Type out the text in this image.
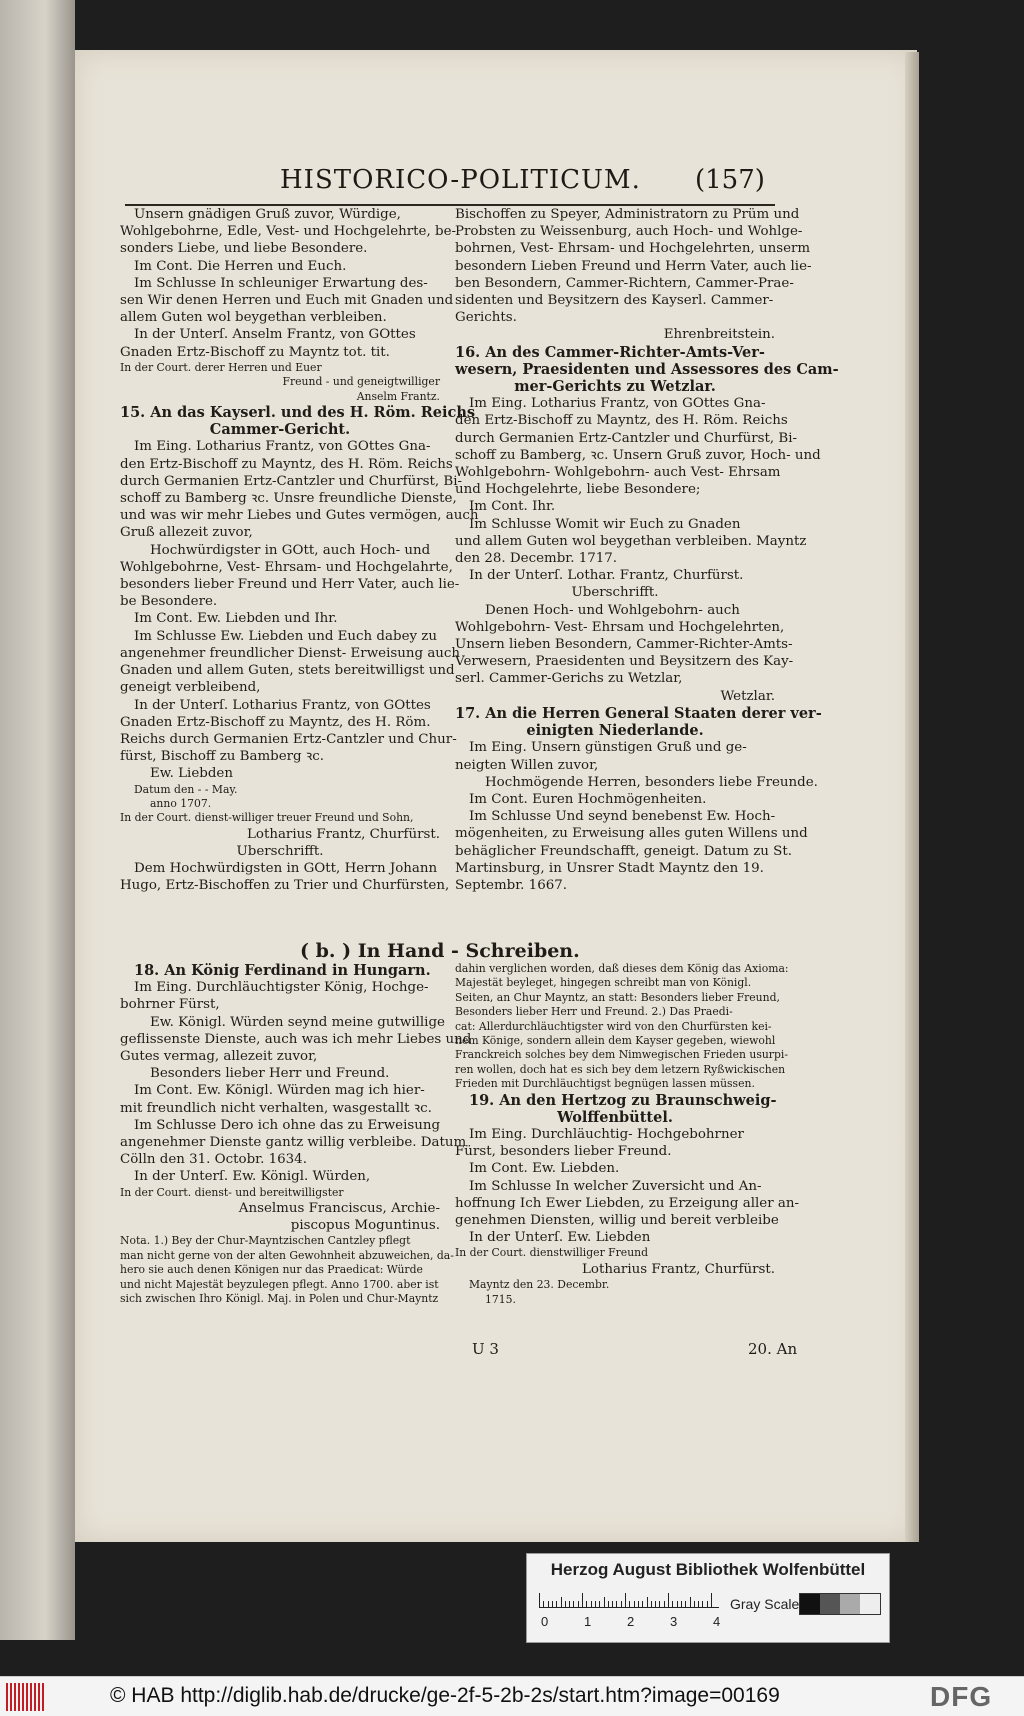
HISTORICO-POLITICUM. (157)

Unsern gnädigen Gruß zuvor, Würdige,

Wohlgebohrne, Edle, Vest- und Hochgelehrte, be-

sonders Liebe, und liebe Besondere.

Im Cont. Die Herren und Euch.

Im Schlusse In schleuniger Erwartung des-

sen Wir denen Herren und Euch mit Gnaden und

allem Guten wol beygethan verbleiben.

In der Unterſ. Anselm Frantz, von GOttes

Gnaden Ertz-Bischoff zu Mayntz tot. tit.

In der Court. derer Herren und Euer

Freund - und geneigtwilliger

Anselm Frantz.

15. An das Kayserl. und des H. Röm. Reichs

Cammer-Gericht.

Im Eing. Lotharius Frantz, von GOttes Gna-

den Ertz-Bischoff zu Mayntz, des H. Röm. Reichs

durch Germanien Ertz-Cantzler und Churfürst, Bi-

schoff zu Bamberg ꝛc. Unsre freundliche Dienste,

und was wir mehr Liebes und Gutes vermögen, auch

Gruß allezeit zuvor,

Hochwürdigster in GOtt, auch Hoch- und

Wohlgebohrne, Vest- Ehrsam- und Hochgelahrte,

besonders lieber Freund und Herr Vater, auch lie-

be Besondere.

Im Cont. Ew. Liebden und Ihr.

Im Schlusse Ew. Liebden und Euch dabey zu

angenehmer freundlicher Dienst- Erweisung auch

Gnaden und allem Guten, stets bereitwilligst und

geneigt verbleibend,

In der Unterſ. Lotharius Frantz, von GOttes

Gnaden Ertz-Bischoff zu Mayntz, des H. Röm.

Reichs durch Germanien Ertz-Cantzler und Chur-

fürst, Bischoff zu Bamberg ꝛc.

Ew. Liebden

Datum den - - May.

anno 1707.

In der Court. dienst-williger treuer Freund und Sohn,

Lotharius Frantz, Churfürst.

Uberschrifft.

Dem Hochwürdigsten in GOtt, Herrn Johann

Hugo, Ertz-Bischoffen zu Trier und Churfürsten,

Bischoffen zu Speyer, Administratorn zu Prüm und

Probsten zu Weissenburg, auch Hoch- und Wohlge-

bohrnen, Vest- Ehrsam- und Hochgelehrten, unserm

besondern Lieben Freund und Herrn Vater, auch lie-

ben Besondern, Cammer-Richtern, Cammer-Prae-

sidenten und Beysitzern des Kayserl. Cammer-

Gerichts.

Ehrenbreitstein.

16. An des Cammer-Richter-Amts-Ver-

wesern, Praesidenten und Assessores des Cam-

mer-Gerichts zu Wetzlar.

Im Eing. Lotharius Frantz, von GOttes Gna-

den Ertz-Bischoff zu Mayntz, des H. Röm. Reichs

durch Germanien Ertz-Cantzler und Churfürst, Bi-

schoff zu Bamberg, ꝛc. Unsern Gruß zuvor, Hoch- und

Wohlgebohrn- Wohlgebohrn- auch Vest- Ehrsam

und Hochgelehrte, liebe Besondere;

Im Cont. Ihr.

Im Schlusse Womit wir Euch zu Gnaden

und allem Guten wol beygethan verbleiben. Mayntz

den 28. Decembr. 1717.

In der Unterſ. Lothar. Frantz, Churfürst.

Uberschrifft.

Denen Hoch- und Wohlgebohrn- auch

Wohlgebohrn- Vest- Ehrsam und Hochgelehrten,

Unsern lieben Besondern, Cammer-Richter-Amts-

Verwesern, Praesidenten und Beysitzern des Kay-

serl. Cammer-Gerichs zu Wetzlar,

Wetzlar.

17. An die Herren General Staaten derer ver-

einigten Niederlande.

Im Eing. Unsern günstigen Gruß und ge-

neigten Willen zuvor,

Hochmögende Herren, besonders liebe Freunde.

Im Cont. Euren Hochmögenheiten.

Im Schlusse Und seynd benebenst Ew. Hoch-

mögenheiten, zu Erweisung alles guten Willens und

behäglicher Freundschafft, geneigt. Datum zu St.

Martinsburg, in Unsrer Stadt Mayntz den 19.

Septembr. 1667.

( b. ) In Hand - Schreiben.

18. An König Ferdinand in Hungarn.

Im Eing. Durchläuchtigster König, Hochge-

bohrner Fürst,

Ew. Königl. Würden seynd meine gutwillige

geflissenste Dienste, auch was ich mehr Liebes und

Gutes vermag, allezeit zuvor,

Besonders lieber Herr und Freund.

Im Cont. Ew. Königl. Würden mag ich hier-

mit freundlich nicht verhalten, wasgestallt ꝛc.

Im Schlusse Dero ich ohne das zu Erweisung

angenehmer Dienste gantz willig verbleibe. Datum

Cölln den 31. Octobr. 1634.

In der Unterſ. Ew. Königl. Würden,

In der Court. dienst- und bereitwilligster

Anselmus Franciscus, Archie-

piscopus Moguntinus.

Nota. 1.) Bey der Chur-Mayntzischen Cantzley pflegt

man nicht gerne von der alten Gewohnheit abzuweichen, da-

hero sie auch denen Königen nur das Praedicat: Würde

und nicht Majestät beyzulegen pflegt. Anno 1700. aber ist

sich zwischen Ihro Königl. Maj. in Polen und Chur-Mayntz

dahin verglichen worden, daß dieses dem König das Axioma:

Majestät beyleget, hingegen schreibt man von Königl.

Seiten, an Chur Mayntz, an statt: Besonders lieber Freund,

Besonders lieber Herr und Freund. 2.) Das Praedi-

cat: Allerdurchläuchtigster wird von den Churfürsten kei-

nem Könige, sondern allein dem Kayser gegeben, wiewohl

Franckreich solches bey dem Nimwegischen Frieden usurpi-

ren wollen, doch hat es sich bey dem letzern Ryßwickischen

Frieden mit Durchläuchtigst begnügen lassen müssen.

19. An den Hertzog zu Braunschweig-

Wolffenbüttel.

Im Eing. Durchläuchtig- Hochgebohrner

Fürst, besonders lieber Freund.

Im Cont. Ew. Liebden.

Im Schlusse In welcher Zuversicht und An-

hoffnung Ich Ewer Liebden, zu Erzeigung aller an-

genehmen Diensten, willig und bereit verbleibe

In der Unterſ. Ew. Liebden

In der Court. dienstwilliger Freund

Lotharius Frantz, Churfürst.

Mayntz den 23. Decembr.

1715.

U 3	20. An
Herzog August Bibliothek Wolfenbüttel
0	1	2	3	4
Gray Scale
© HAB http://diglib.hab.de/drucke/ge-2f-5-2b-2s/start.htm?image=00169	DFG
